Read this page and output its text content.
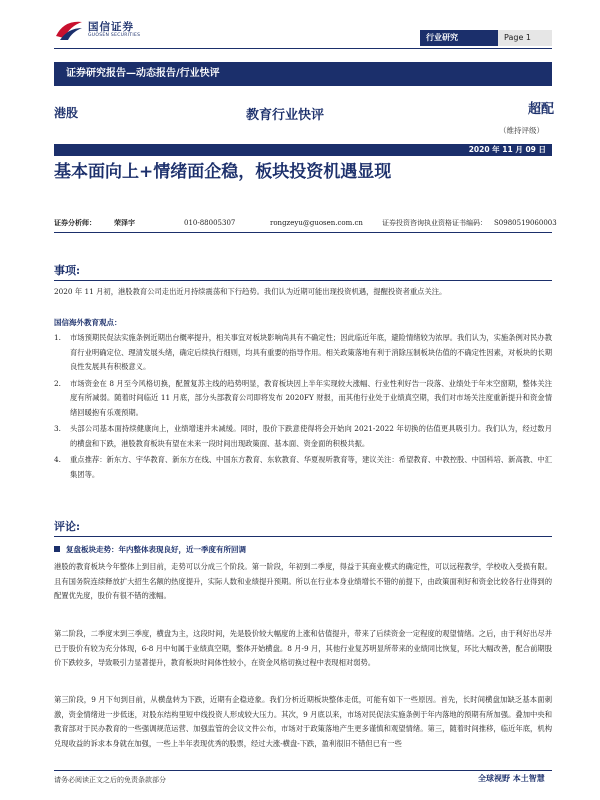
国信证券
GUOSEN SECURITIES	行业研究	Page 1
证券研究报告—动态报告/行业快评
港股	教育行业快评	超配
（维持评级）
2020 年 11 月 09 日
基本面向上+情绪面企稳，板块投资机遇显现
证券分析师：	荣泽宇	010-88005307	rongzeyu@guosen.com.cn	证券投资咨询执业资格证书编码： S0980519060003
事项:
2020 年 11 月初，港股教育公司走出近月持续震荡和下行趋势。我们认为近期可能出现投资机遇，提醒投资者重点关注。
国信海外教育观点：
1.	市场预期民促法实施条例近期出台概率提升，相关事宜对板块影响尚具有不确定性；因此临近年底，避险情绪较为浓厚。我们认为，实施条例对民办教育行业明确定位、理清发展头绪，确定后续执行细则，均具有重要的指导作用。相关政策落地有利于消除压制板块估值的不确定性因素，对板块的长期良性发展具有积极意义。
2.	市场资金在 8 月至今风格切换，配置复苏主线的趋势明显，教育板块因上半年实现较大涨幅、行业性利好告一段落、业绩处于年末空窗期，整体关注度有所减弱。随着时间临近 11 月底，部分头部教育公司即将发布 2020FY 财报，而其他行业处于业绩真空期，我们对市场关注度重新提升和资金情绪回暖抱有乐观预期。
3.	头部公司基本面持续健康向上，业绩增速并未减缓。同时，股价下跌意使得将会开始向 2021-2022 年切换的估值更具吸引力。我们认为，经过数月的横盘和下跌，港股教育板块有望在未来一段时间出现政策面、基本面、资金面的积极共振。
4.	重点推荐：新东方、宇华教育、新东方在线、中国东方教育、东软教育、华夏视听教育等，建议关注：希望教育、中教控股、中国科培、新高教、中汇集团等。
评论:
复盘板块走势：年内整体表现良好，近一季度有所回调
港股的教育板块今年整体上到目前，走势可以分成三个阶段。第一阶段，年初到二季度，得益于其商业模式的确定性，可以远程教学，学校收入受损有限。且有国务院连续释放扩大招生名额的热度提升，实际人数和业绩提升预期。所以在行业本身业绩增长不错的前提下，由政策面利好和资金比较各行业得到的配置优先度，股价有很不错的涨幅。
第二阶段，二季度末到三季度，横盘为主，这段时间，先是股价较大幅度的上涨和估值提升，带来了后续资金一定程度的观望情绪。之后，由于利好出尽并已于股价有较为充分体现，6-8 月中旬属于业绩真空期，整体开始横盘。8 月-9 月，其他行业复苏明显所带来的业绩同比恢复，环比大幅改善，配合前期股价下跌较多，导致吸引力显著提升，教育板块时间体性较小，在资金风格切换过程中表现相对弱势。
第三阶段，9 月下旬到目前，从横盘转为下跌，近期有企稳迹象。我们分析近期板块整体走低，可能有如下一些原因。首先，长时间横盘加缺乏基本面刺激，资金情绪进一步低迷，对股东结构里短中线投资人形成较大压力。其次，9 月底以来，市场对民促法实施条例于年内落地的预期有所加强。叠加中央和教育部对于民办教育的一些强调规范运营、加强监管的会议文件公布，市场对于政策落地产生更多谨慎和观望情绪。第三，随着时间推移，临近年底，机构兑现收益的诉求本身就在加强，一些上半年表现优秀的股票，经过大涨-横盘-下跌，盈利很旧不错但已有一些
请务必阅读正文之后的免责条款部分	全球视野 本土智慧
